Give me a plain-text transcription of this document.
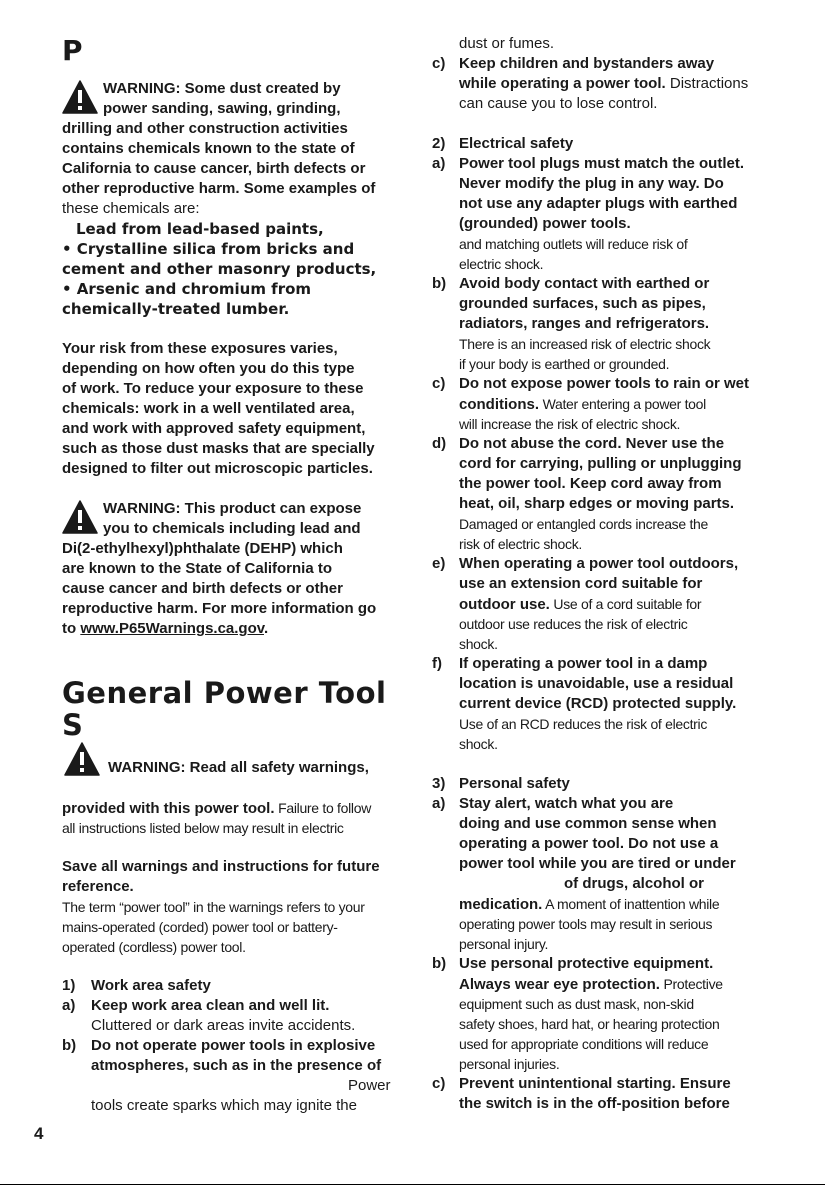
P
WARNING: Some dust created by
power sanding, sawing, grinding,
drilling and other construction activities
contains chemicals known to the state of
California to cause cancer, birth defects or
other reproductive harm. Some examples of
these chemicals are:
Lead from lead-based paints,
• Crystalline silica from bricks and
cement and other masonry products,
• Arsenic and chromium from
chemically-treated lumber.
Your risk from these exposures varies,
depending on how often you do this type
of work. To reduce your exposure to these
chemicals: work in a well ventilated area,
and work with approved safety equipment,
such as those dust masks that are specially
designed to filter out microscopic particles.
WARNING: This product can expose
you to chemicals including lead and
Di(2-ethylhexyl)phthalate (DEHP) which
are known to the State of California to
cause cancer and birth defects or other
reproductive harm. For more information go
to www.P65Warnings.ca.gov.
General Power Tool
S
WARNING: Read all safety warnings,
provided with this power tool. Failure to follow
all instructions listed below may result in electric
Save all warnings and instructions for future
reference.
The term “power tool” in the warnings refers to your
mains-operated (corded) power tool or battery-
operated (cordless) power tool.
1) Work area safety
a) Keep work area clean and well lit.
Cluttered or dark areas invite accidents.
b) Do not operate power tools in explosive
atmospheres, such as in the presence of
Power
tools create sparks which may ignite the
dust or fumes.
c) Keep children and bystanders away
while operating a power tool. Distractions
can cause you to lose control.
2) Electrical safety
a) Power tool plugs must match the outlet.
Never modify the plug in any way. Do
not use any adapter plugs with earthed
(grounded) power tools.
and matching outlets will reduce risk of
electric shock.
b) Avoid body contact with earthed or
grounded surfaces, such as pipes,
radiators, ranges and refrigerators.
There is an increased risk of electric shock
if your body is earthed or grounded.
c) Do not expose power tools to rain or wet
conditions. Water entering a power tool
will increase the risk of electric shock.
d) Do not abuse the cord. Never use the
cord for carrying, pulling or unplugging
the power tool. Keep cord away from
heat, oil, sharp edges or moving parts.
Damaged or entangled cords increase the
risk of electric shock.
e) When operating a power tool outdoors,
use an extension cord suitable for
outdoor use. Use of a cord suitable for
outdoor use reduces the risk of electric
shock.
f) If operating a power tool in a damp
location is unavoidable, use a residual
current device (RCD) protected supply.
Use of an RCD reduces the risk of electric
shock.
3) Personal safety
a) Stay alert, watch what you are
doing and use common sense when
operating a power tool. Do not use a
power tool while you are tired or under
of drugs, alcohol or
medication. A moment of inattention while
operating power tools may result in serious
personal injury.
b) Use personal protective equipment.
Always wear eye protection. Protective
equipment such as dust mask, non-skid
safety shoes, hard hat, or hearing protection
used for appropriate conditions will reduce
personal injuries.
c) Prevent unintentional starting. Ensure
the switch is in the off-position before
4
